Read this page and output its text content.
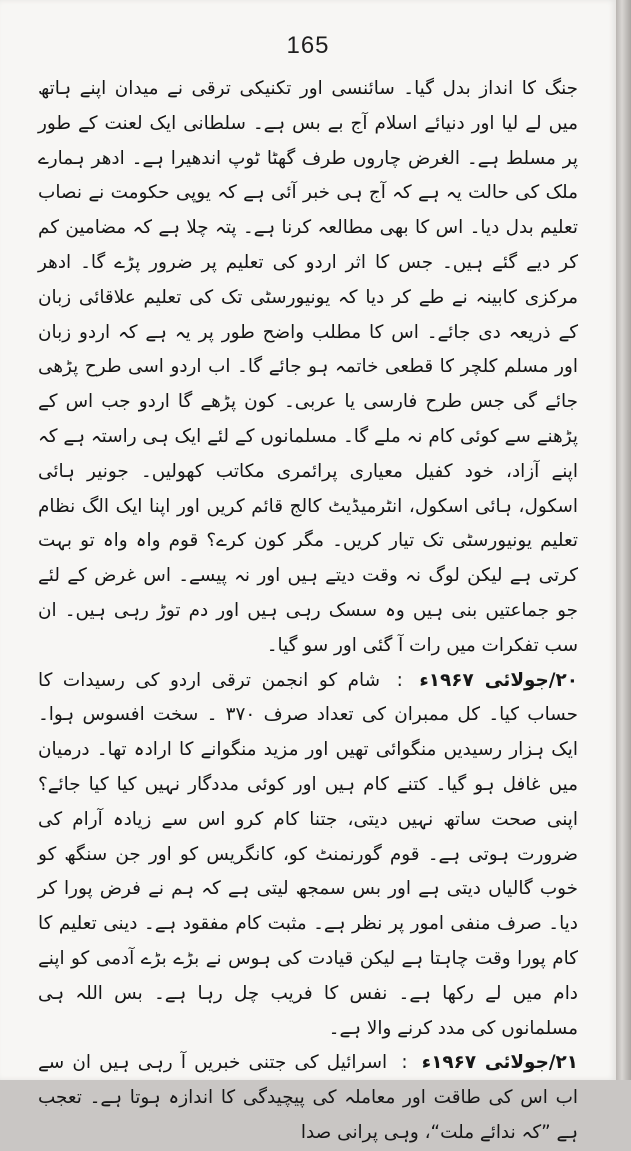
165

جنگ کا انداز بدل گیا۔ سائنسی اور تکنیکی ترقی نے میدان اپنے ہاتھ میں لے لیا اور دنیائے اسلام آج بے بس ہے۔ سلطانی ایک لعنت کے طور پر مسلط ہے۔ الغرض چاروں طرف گھٹا ٹوپ اندھیرا ہے۔ ادھر ہمارے ملک کی حالت یہ ہے کہ آج ہی خبر آئی ہے کہ یوپی حکومت نے نصاب تعلیم بدل دیا۔ اس کا بھی مطالعہ کرنا ہے۔ پتہ چلا ہے کہ مضامین کم کر دیے گئے ہیں۔ جس کا اثر اردو کی تعلیم پر ضرور پڑے گا۔ ادھر مرکزی کابینہ نے طے کر دیا کہ یونیورسٹی تک کی تعلیم علاقائی زبان کے ذریعہ دی جائے۔ اس کا مطلب واضح طور پر یہ ہے کہ اردو زبان اور مسلم کلچر کا قطعی خاتمہ ہو جائے گا۔ اب اردو اسی طرح پڑھی جائے گی جس طرح فارسی یا عربی۔ کون پڑھے گا اردو جب اس کے پڑھنے سے کوئی کام نہ ملے گا۔ مسلمانوں کے لئے ایک ہی راستہ ہے کہ اپنے آزاد، خود کفیل معیاری پرائمری مکاتب کھولیں۔ جونیر ہائی اسکول، ہائی اسکول، انٹرمیڈیٹ کالج قائم کریں اور اپنا ایک الگ نظام تعلیم یونیورسٹی تک تیار کریں۔ مگر کون کرے؟ قوم واہ واہ تو بہت کرتی ہے لیکن لوگ نہ وقت دیتے ہیں اور نہ پیسے۔ اس غرض کے لئے جو جماعتیں بنی ہیں وہ سسک رہی ہیں اور دم توڑ رہی ہیں۔ ان سب تفکرات میں رات آ گئی اور سو گیا۔

۲۰/جولائی ۱۹۶۷ء : شام کو انجمن ترقی اردو کی رسیدات کا حساب کیا۔ کل ممبران کی تعداد صرف ۳۷۰ ۔ سخت افسوس ہوا۔ ایک ہزار رسیدیں منگوائی تھیں اور مزید منگوانے کا ارادہ تھا۔ درمیان میں غافل ہو گیا۔ کتنے کام ہیں اور کوئی مددگار نہیں کیا کیا جائے؟ اپنی صحت ساتھ نہیں دیتی، جتنا کام کرو اس سے زیادہ آرام کی ضرورت ہوتی ہے۔ قوم گورنمنٹ کو، کانگریس کو اور جن سنگھ کو خوب گالیاں دیتی ہے اور بس سمجھ لیتی ہے کہ ہم نے فرض پورا کر دیا۔ صرف منفی امور پر نظر ہے۔ مثبت کام مفقود ہے۔ دینی تعلیم کا کام پورا وقت چاہتا ہے لیکن قیادت کی ہوس نے بڑے بڑے آدمی کو اپنے دام میں لے رکھا ہے۔ نفس کا فریب چل رہا ہے۔ بس اللہ ہی مسلمانوں کی مدد کرنے والا ہے۔

۲۱/جولائی ۱۹۶۷ء : اسرائیل کی جتنی خبریں آ رہی ہیں ان سے اب اس کی طاقت اور معاملہ کی پیچیدگی کا اندازہ ہوتا ہے۔ تعجب ہے ”کہ ندائے ملت“، وہی پرانی صدا
